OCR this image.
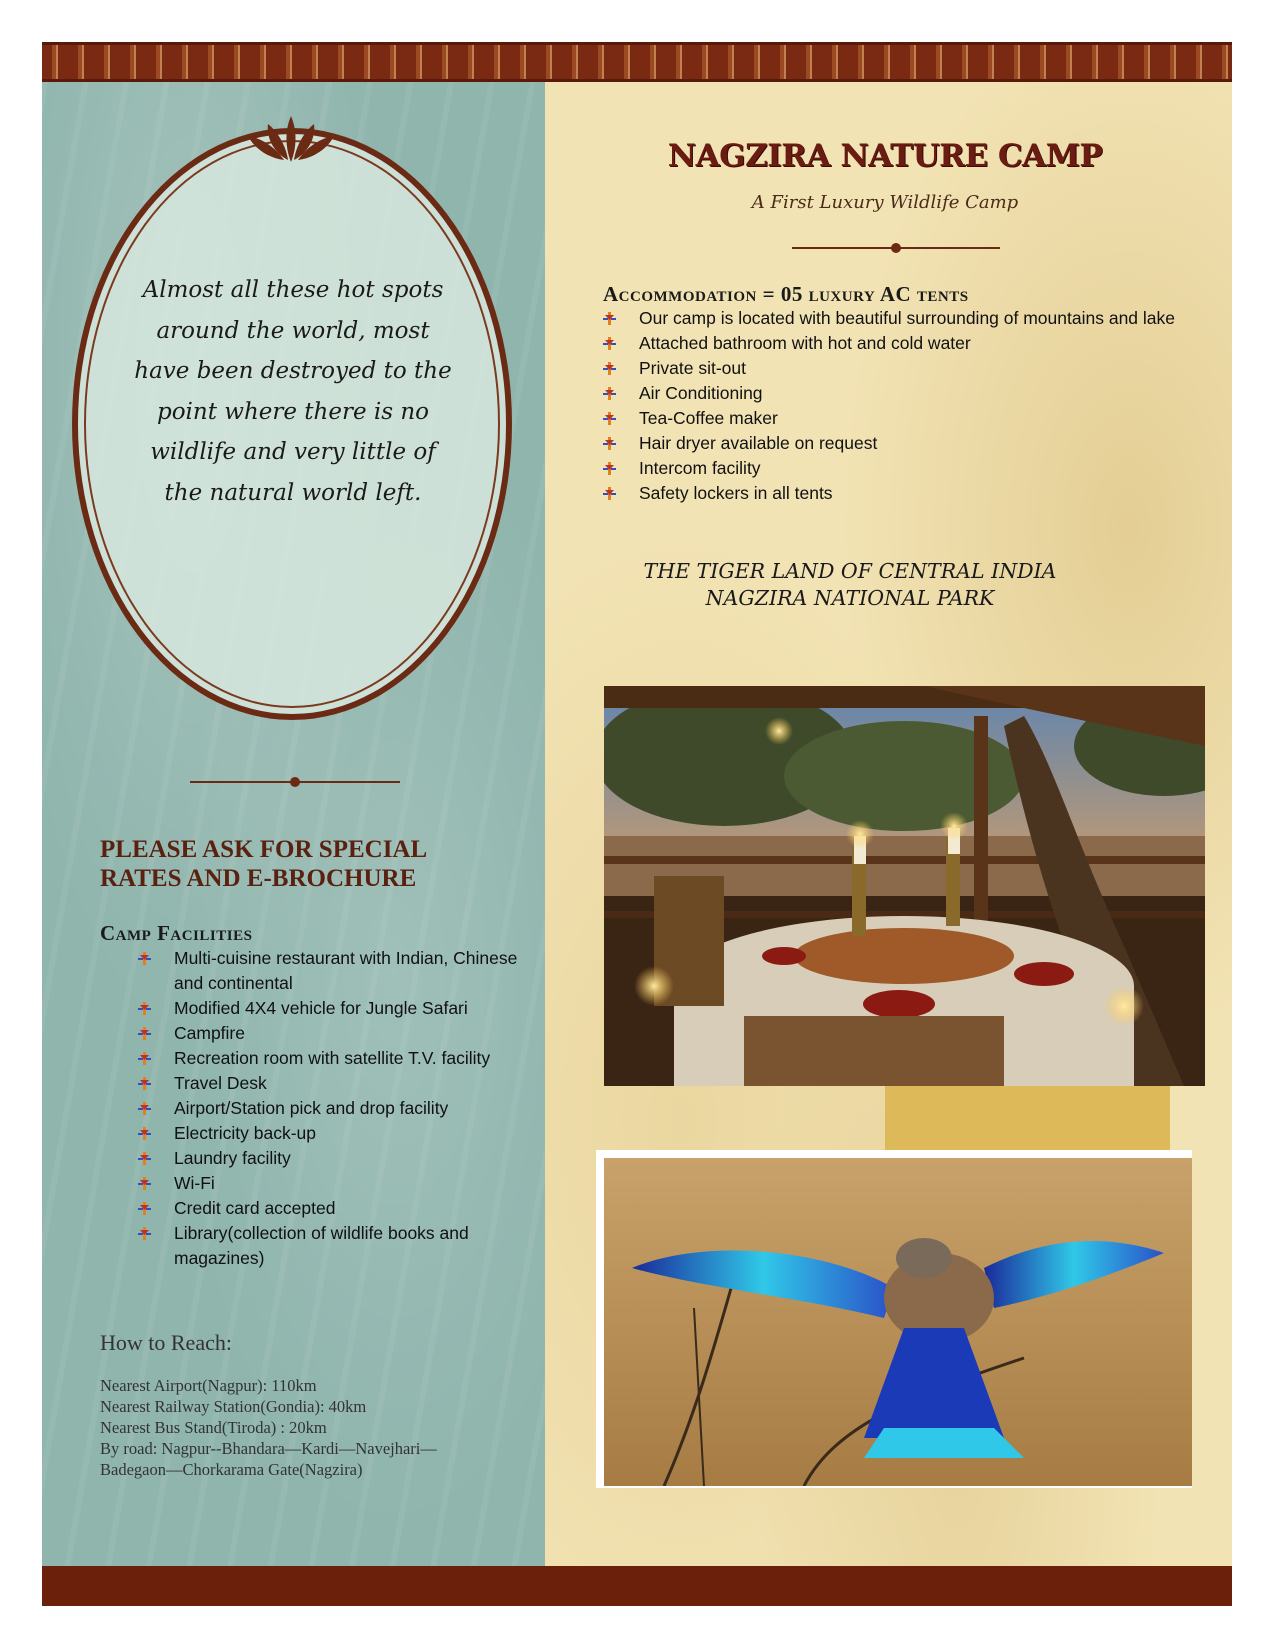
Almost all these hot spots
around the world, most
have been destroyed to the
point where there is no
wildlife and very little of
the natural world left.
PLEASE ASK FOR SPECIAL
RATES AND E-BROCHURE
Camp Facilities
Multi-cuisine restaurant with Indian, Chinese and continental
Modified 4X4 vehicle for Jungle Safari
Campfire
Recreation room with satellite T.V. facility
Travel Desk
Airport/Station pick and drop facility
Electricity back-up
Laundry facility
Wi-Fi
Credit card accepted
Library(collection of wildlife books and magazines)
How to Reach:
Nearest Airport(Nagpur): 110km
Nearest Railway Station(Gondia): 40km
Nearest Bus Stand(Tiroda) : 20km
By road: Nagpur--Bhandara—Kardi—Navejhari—
Badegaon—Chorkarama Gate(Nagzira)
NAGZIRA NATURE CAMP
A First Luxury Wildlife Camp
Accommodation = 05 luxury AC tents
Our camp is located with beautiful surrounding of mountains and lake
Attached bathroom with hot and cold water
Private sit-out
Air Conditioning
Tea-Coffee maker
Hair dryer available on request
Intercom facility
Safety lockers in all tents
THE TIGER LAND OF CENTRAL INDIA
NAGZIRA NATIONAL PARK
